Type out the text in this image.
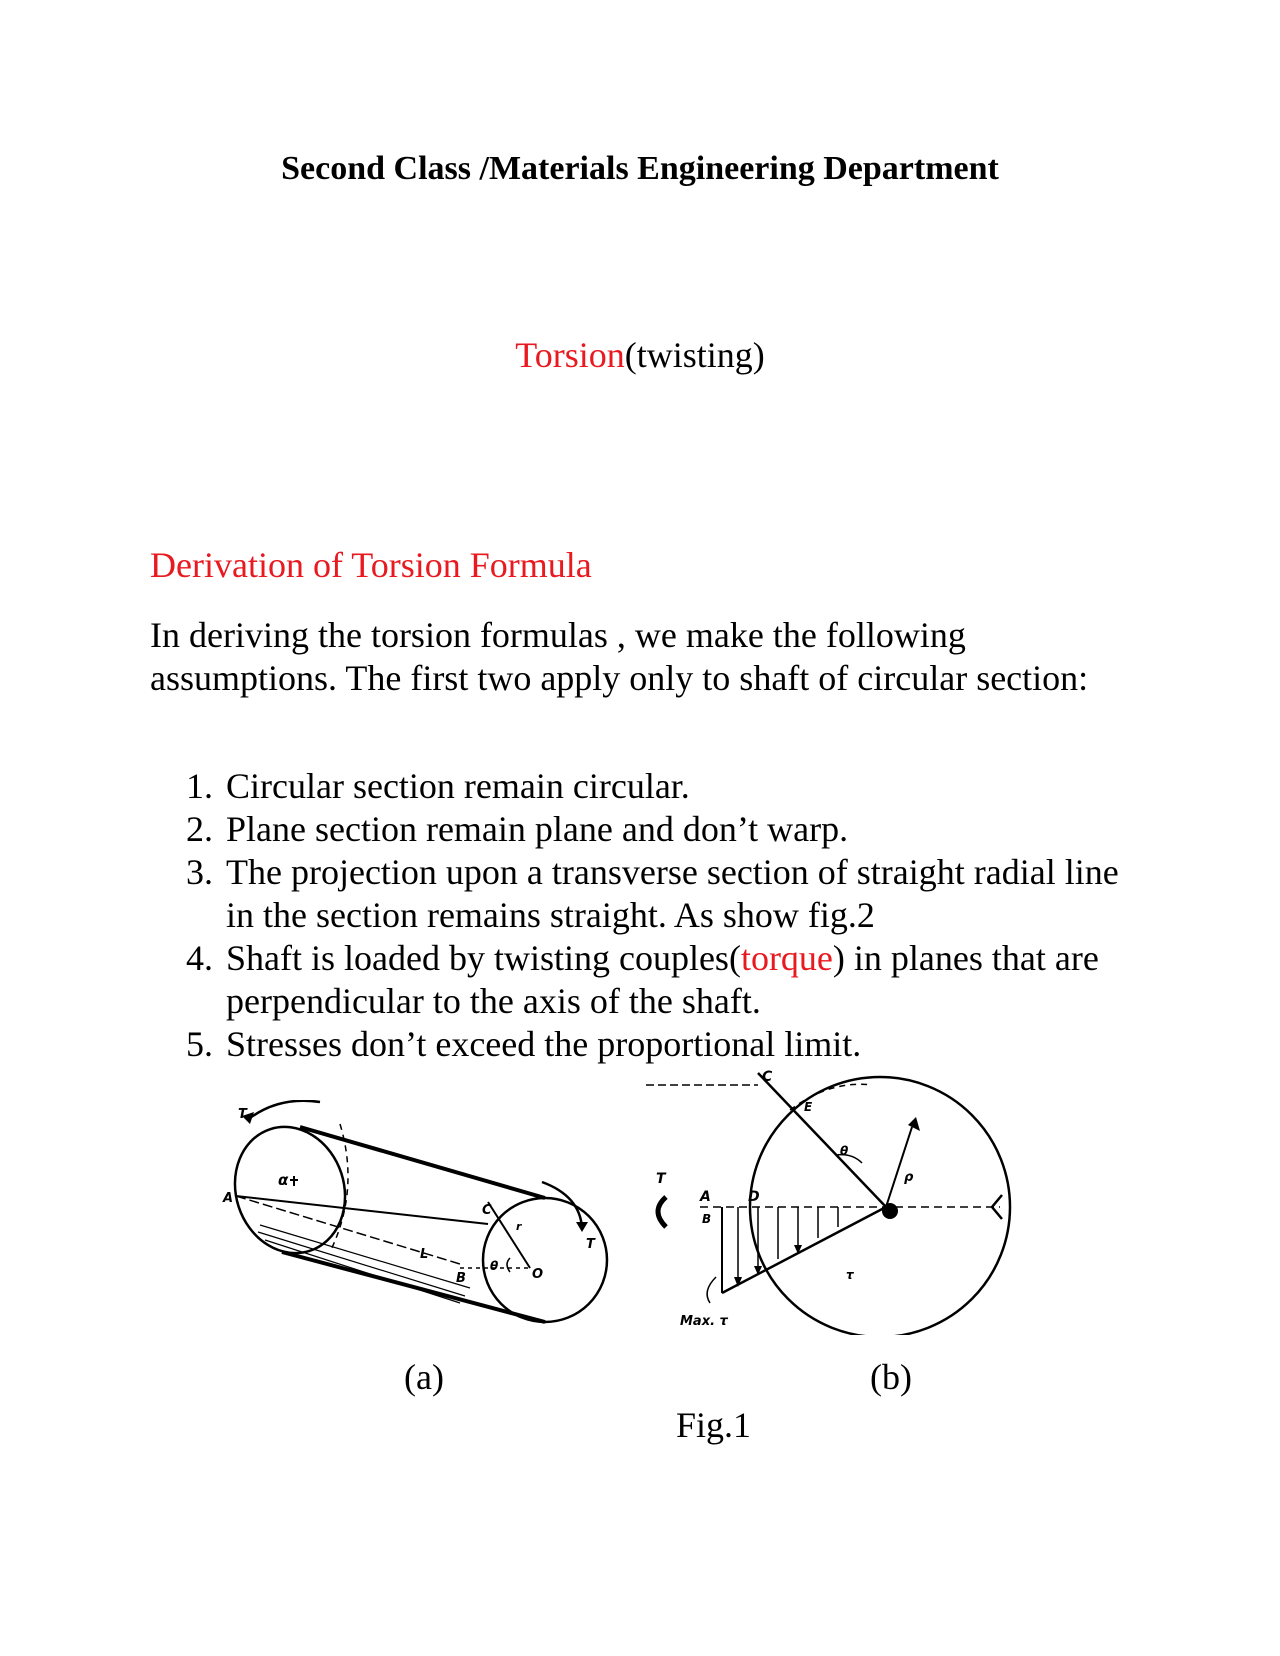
Second Class /Materials Engineering Department
Torsion(twisting)
Derivation of Torsion Formula
In deriving the torsion formulas , we make the following assumptions. The first two apply only to shaft of circular section:
1. Circular section remain circular.
2. Plane section remain plane and don’t warp.
3. The projection upon a transverse section of straight radial line in the section remains straight. As show fig.2
4. Shaft is loaded by twisting couples(torque) in planes that are perpendicular to the axis of the shaft.
5. Stresses don’t exceed the proportional limit.
T
A
α
C
r
T
L
B
θ
O
C
E
T
A
B
D
θ
ρ
τ
Max. τ
(a)	(b)
Fig.1
